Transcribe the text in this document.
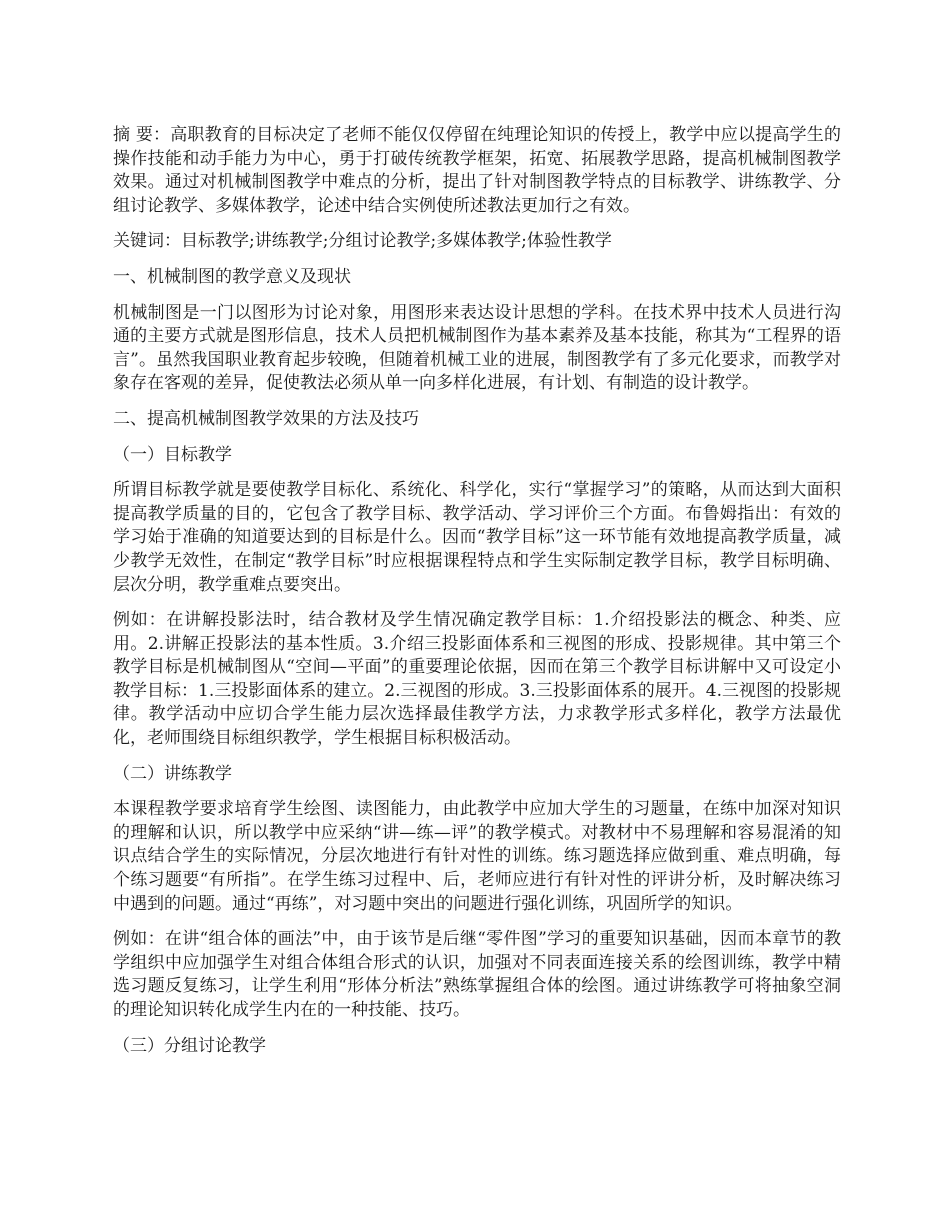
摘 要：高职教育的目标决定了老师不能仅仅停留在纯理论知识的传授上，教学中应以提高学生的操作技能和动手能力为中心，勇于打破传统教学框架，拓宽、拓展教学思路，提高机械制图教学效果。通过对机械制图教学中难点的分析，提出了针对制图教学特点的目标教学、讲练教学、分组讨论教学、多媒体教学，论述中结合实例使所述教法更加行之有效。

关键词：目标教学;讲练教学;分组讨论教学;多媒体教学;体验性教学

一、机械制图的教学意义及现状

机械制图是一门以图形为讨论对象，用图形来表达设计思想的学科。在技术界中技术人员进行沟通的主要方式就是图形信息，技术人员把机械制图作为基本素养及基本技能，称其为“工程界的语言”。虽然我国职业教育起步较晚，但随着机械工业的进展，制图教学有了多元化要求，而教学对象存在客观的差异，促使教法必须从单一向多样化进展，有计划、有制造的设计教学。

二、提高机械制图教学效果的方法及技巧

（一）目标教学

所谓目标教学就是要使教学目标化、系统化、科学化，实行“掌握学习”的策略，从而达到大面积提高教学质量的目的，它包含了教学目标、教学活动、学习评价三个方面。布鲁姆指出：有效的学习始于准确的知道要达到的目标是什么。因而“教学目标”这一环节能有效地提高教学质量，减少教学无效性，在制定“教学目标”时应根据课程特点和学生实际制定教学目标，教学目标明确、层次分明，教学重难点要突出。

例如：在讲解投影法时，结合教材及学生情况确定教学目标：1.介绍投影法的概念、种类、应用。2.讲解正投影法的基本性质。3.介绍三投影面体系和三视图的形成、投影规律。其中第三个教学目标是机械制图从“空间—平面”的重要理论依据，因而在第三个教学目标讲解中又可设定小教学目标：1.三投影面体系的建立。2.三视图的形成。3.三投影面体系的展开。4.三视图的投影规律。教学活动中应切合学生能力层次选择最佳教学方法，力求教学形式多样化，教学方法最优化，老师围绕目标组织教学，学生根据目标积极活动。

（二）讲练教学

本课程教学要求培育学生绘图、读图能力，由此教学中应加大学生的习题量，在练中加深对知识的理解和认识，所以教学中应采纳“讲—练—评”的教学模式。对教材中不易理解和容易混淆的知识点结合学生的实际情况，分层次地进行有针对性的训练。练习题选择应做到重、难点明确，每个练习题要“有所指”。在学生练习过程中、后，老师应进行有针对性的评讲分析，及时解决练习中遇到的问题。通过“再练”，对习题中突出的问题进行强化训练，巩固所学的知识。

例如：在讲“组合体的画法”中，由于该节是后继“零件图”学习的重要知识基础，因而本章节的教学组织中应加强学生对组合体组合形式的认识，加强对不同表面连接关系的绘图训练，教学中精选习题反复练习，让学生利用“形体分析法”熟练掌握组合体的绘图。通过讲练教学可将抽象空洞的理论知识转化成学生内在的一种技能、技巧。

（三）分组讨论教学
